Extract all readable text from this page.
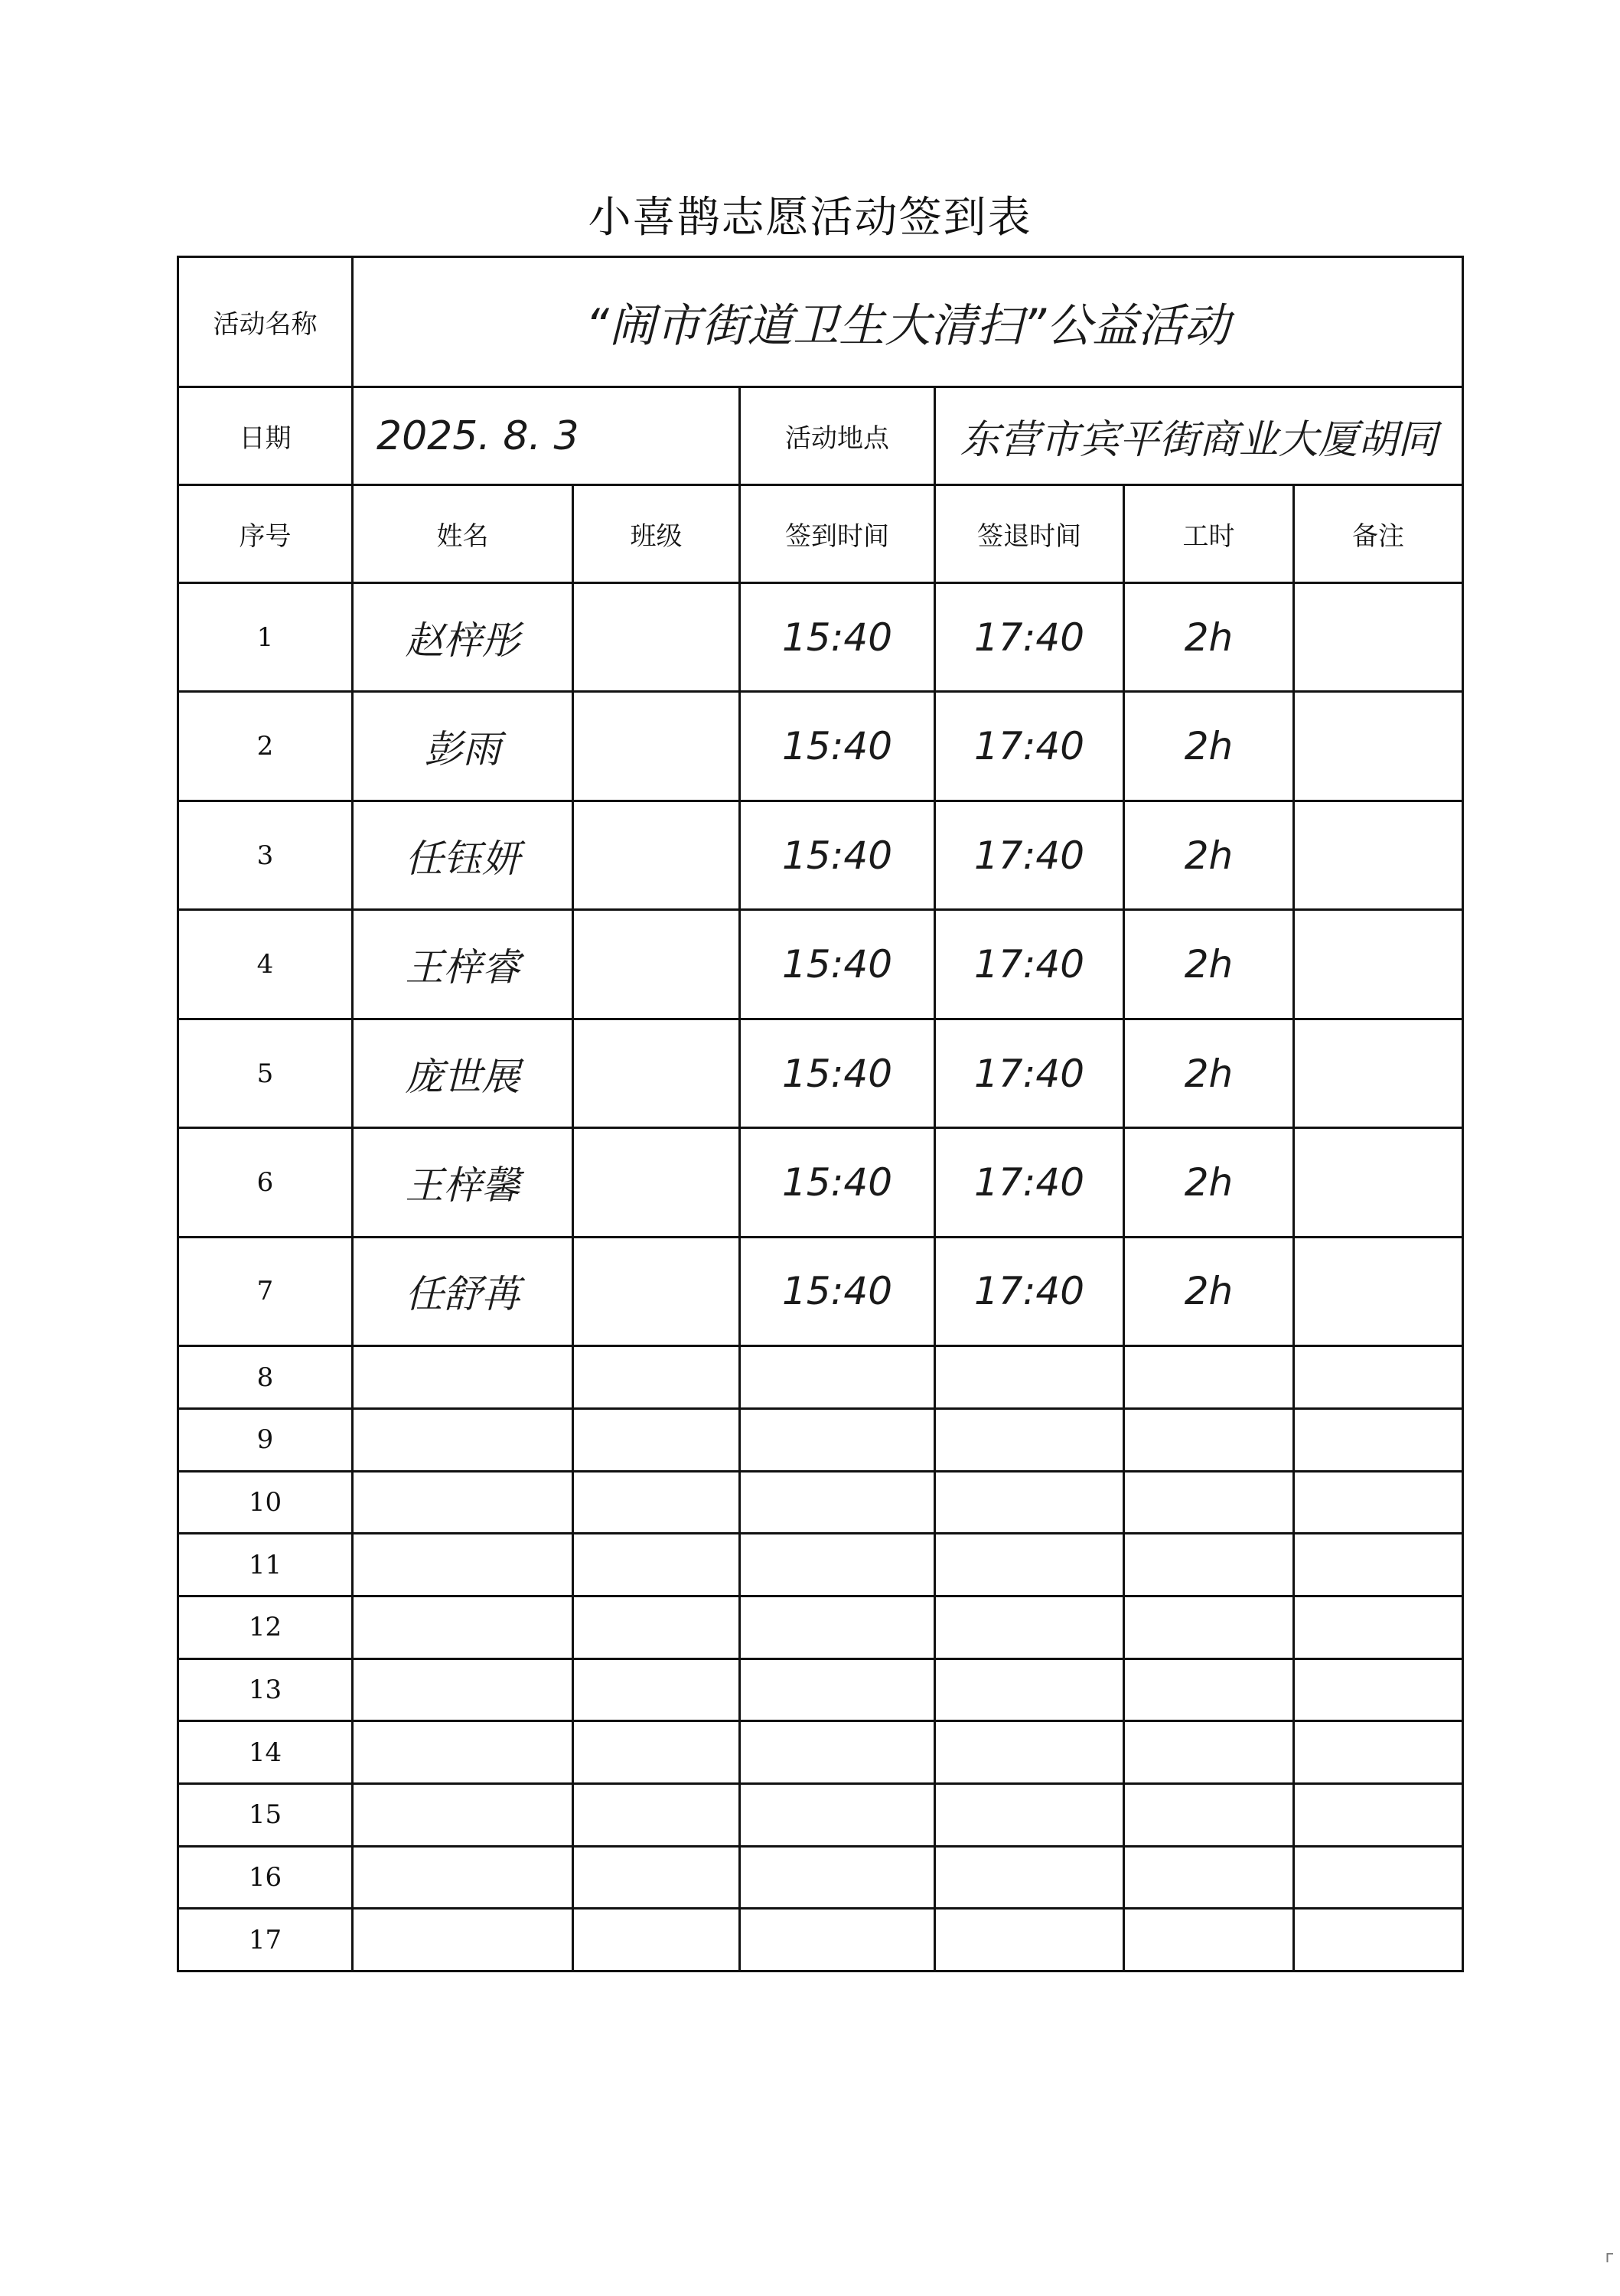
小喜鹊志愿活动签到表
活动名称	“闹市街道卫生大清扫”公益活动					
日期	2025. 8. 3		活动地点	东营市宾平街商业大厦胡同		
序号	姓名	班级	签到时间	签退时间	工时	备注
1	赵梓彤		15:40	17:40	2h	
2	彭雨		15:40	17:40	2h	
3	任钰妍		15:40	17:40	2h	
4	王梓睿		15:40	17:40	2h	
5	庞世展		15:40	17:40	2h	
6	王梓馨		15:40	17:40	2h	
7	任舒苒		15:40	17:40	2h	
8						
9						
10						
11						
12						
13						
14						
15						
16						
17						
г
